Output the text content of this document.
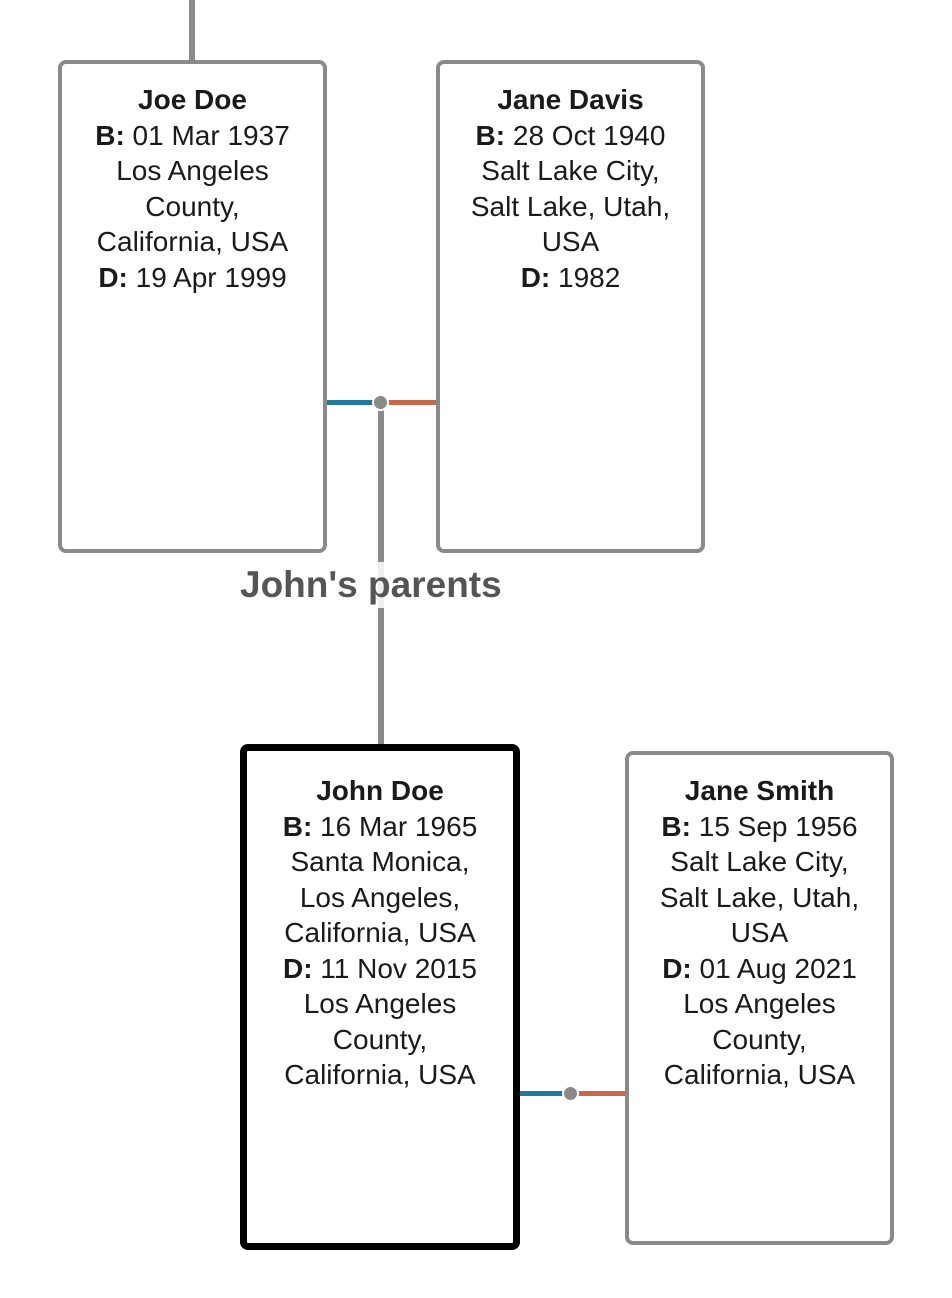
John's parents
Joe Doe
B: 01 Mar 1937
Los Angeles
County,
California, USA
D: 19 Apr 1999
Jane Davis
B: 28 Oct 1940
Salt Lake City,
Salt Lake, Utah,
USA
D: 1982
John Doe
B: 16 Mar 1965
Santa Monica,
Los Angeles,
California, USA
D: 11 Nov 2015
Los Angeles
County,
California, USA
Jane Smith
B: 15 Sep 1956
Salt Lake City,
Salt Lake, Utah,
USA
D: 01 Aug 2021
Los Angeles
County,
California, USA
